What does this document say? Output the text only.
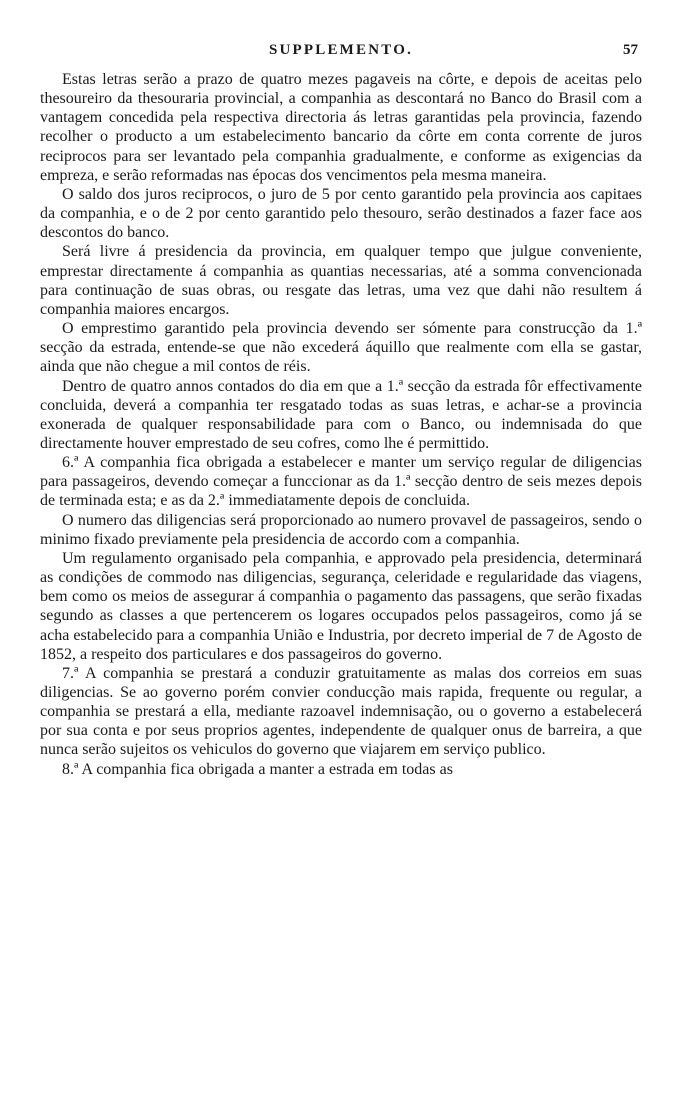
SUPPLEMENTO.	57

Estas letras serão a prazo de quatro mezes pagaveis na côrte, e depois de aceitas pelo thesoureiro da thesouraria provincial, a companhia as descontará no Banco do Brasil com a vantagem concedida pela respectiva directoria ás letras garantidas pela provincia, fazendo recolher o producto a um estabelecimento bancario da côrte em conta corrente de juros reciprocos para ser levantado pela companhia gradualmente, e conforme as exigencias da empreza, e serão reformadas nas épocas dos vencimentos pela mesma maneira.

O saldo dos juros reciprocos, o juro de 5 por cento garantido pela provincia aos capitaes da companhia, e o de 2 por cento garantido pelo thesouro, serão destinados a fazer face aos descontos do banco.

Será livre á presidencia da provincia, em qualquer tempo que julgue conveniente, emprestar directamente á companhia as quantias necessarias, até a somma convencionada para continuação de suas obras, ou resgate das letras, uma vez que dahi não resultem á companhia maiores encargos.

O emprestimo garantido pela provincia devendo ser sómente para construcção da 1.ª secção da estrada, entende-se que não excederá áquillo que realmente com ella se gastar, ainda que não chegue a mil contos de réis.

Dentro de quatro annos contados do dia em que a 1.ª secção da estrada fôr effectivamente concluida, deverá a companhia ter resgatado todas as suas letras, e achar-se a provincia exonerada de qualquer responsabilidade para com o Banco, ou indemnisada do que directamente houver emprestado de seu cofres, como lhe é permittido.

6.ª A companhia fica obrigada a estabelecer e manter um serviço regular de diligencias para passageiros, devendo começar a funccionar as da 1.ª secção dentro de seis mezes depois de terminada esta; e as da 2.ª immediatamente depois de concluida.

O numero das diligencias será proporcionado ao numero provavel de passageiros, sendo o minimo fixado previamente pela presidencia de accordo com a companhia.

Um regulamento organisado pela companhia, e approvado pela presidencia, determinará as condições de commodo nas diligencias, segurança, celeridade e regularidade das viagens, bem como os meios de assegurar á companhia o pagamento das passagens, que serão fixadas segundo as classes a que pertencerem os logares occupados pelos passageiros, como já se acha estabelecido para a companhia União e Industria, por decreto imperial de 7 de Agosto de 1852, a respeito dos particulares e dos passageiros do governo.

7.ª A companhia se prestará a conduzir gratuitamente as malas dos correios em suas diligencias. Se ao governo porém convier conducção mais rapida, frequente ou regular, a companhia se prestará a ella, mediante razoavel indemnisação, ou o governo a estabelecerá por sua conta e por seus proprios agentes, independente de qualquer onus de barreira, a que nunca serão sujeitos os vehiculos do governo que viajarem em serviço publico.

8.ª A companhia fica obrigada a manter a estrada em todas as
